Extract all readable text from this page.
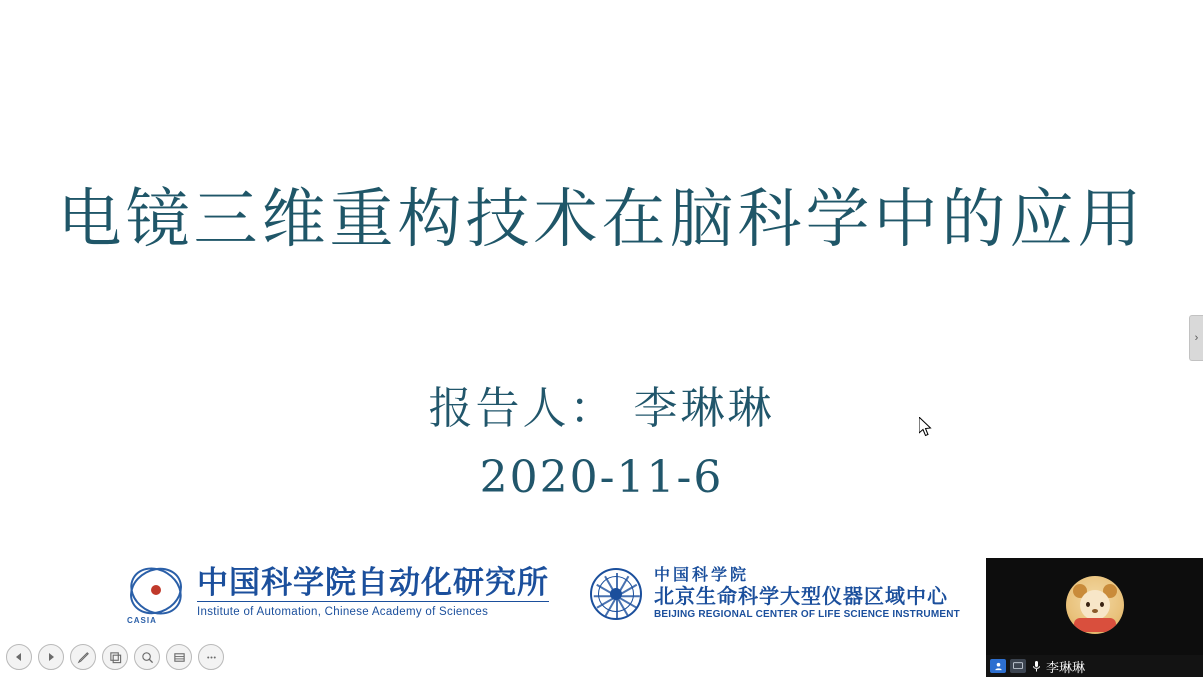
电镜三维重构技术在脑科学中的应用
报告人： 李琳琳
2020-11-6
CASIA
中国科学院自动化研究所
Institute of Automation, Chinese Academy of Sciences
中国科学院
北京生命科学大型仪器区域中心
BEIJING REGIONAL CENTER OF LIFE SCIENCE INSTRUMENT
›
李琳琳
